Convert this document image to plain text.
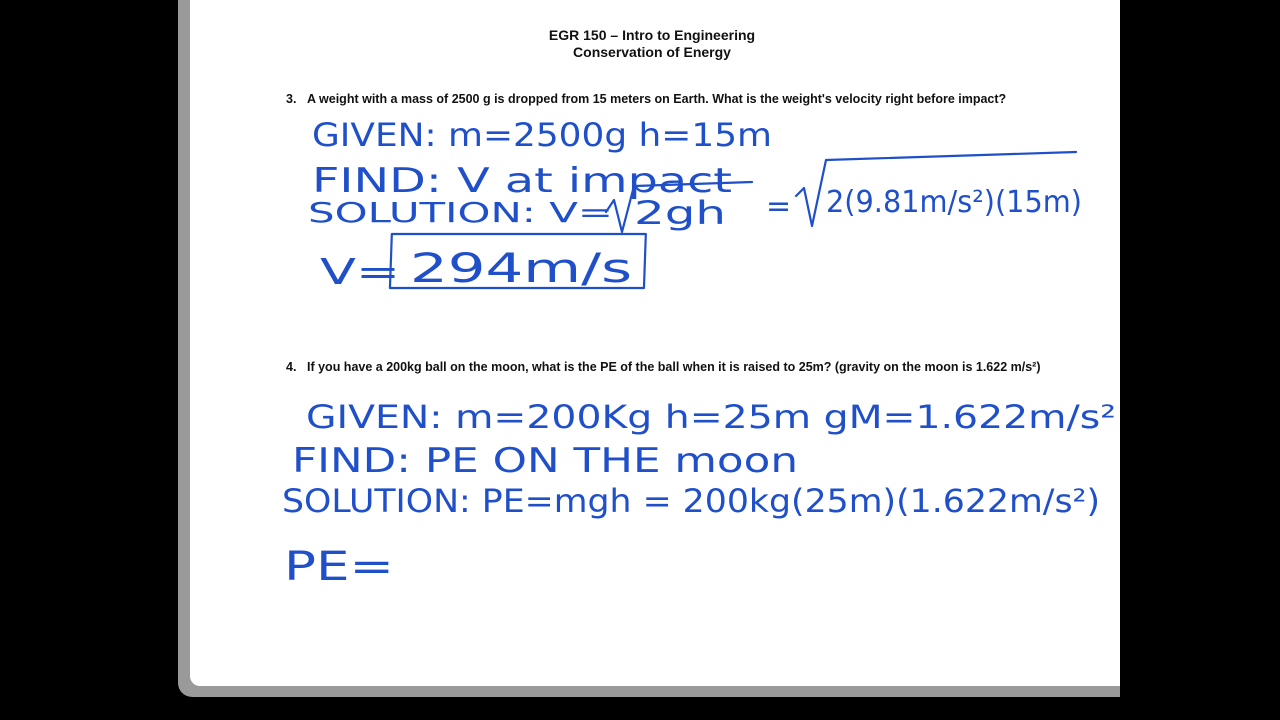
EGR 150 – Intro to Engineering
Conservation of Energy
3. A weight with a mass of 2500 g is dropped from 15 meters on Earth. What is the weight's velocity right before impact?
4. If you have a 200kg ball on the moon, what is the PE of the ball when it is raised to 25m? (gravity on the moon is 1.622 m/s²)
GIVEN: m=2500g h=15m
FIND: V at impact
SOLUTION: V= 2gh = 2(9.81m/s²)(15m)
V= 294m/s
GIVEN: m=200Kg h=25m gM=1.622m/s²
FIND: PE ON THE moon
SOLUTION: PE=mgh = 200kg(25m)(1.622m/s²)
PE=
